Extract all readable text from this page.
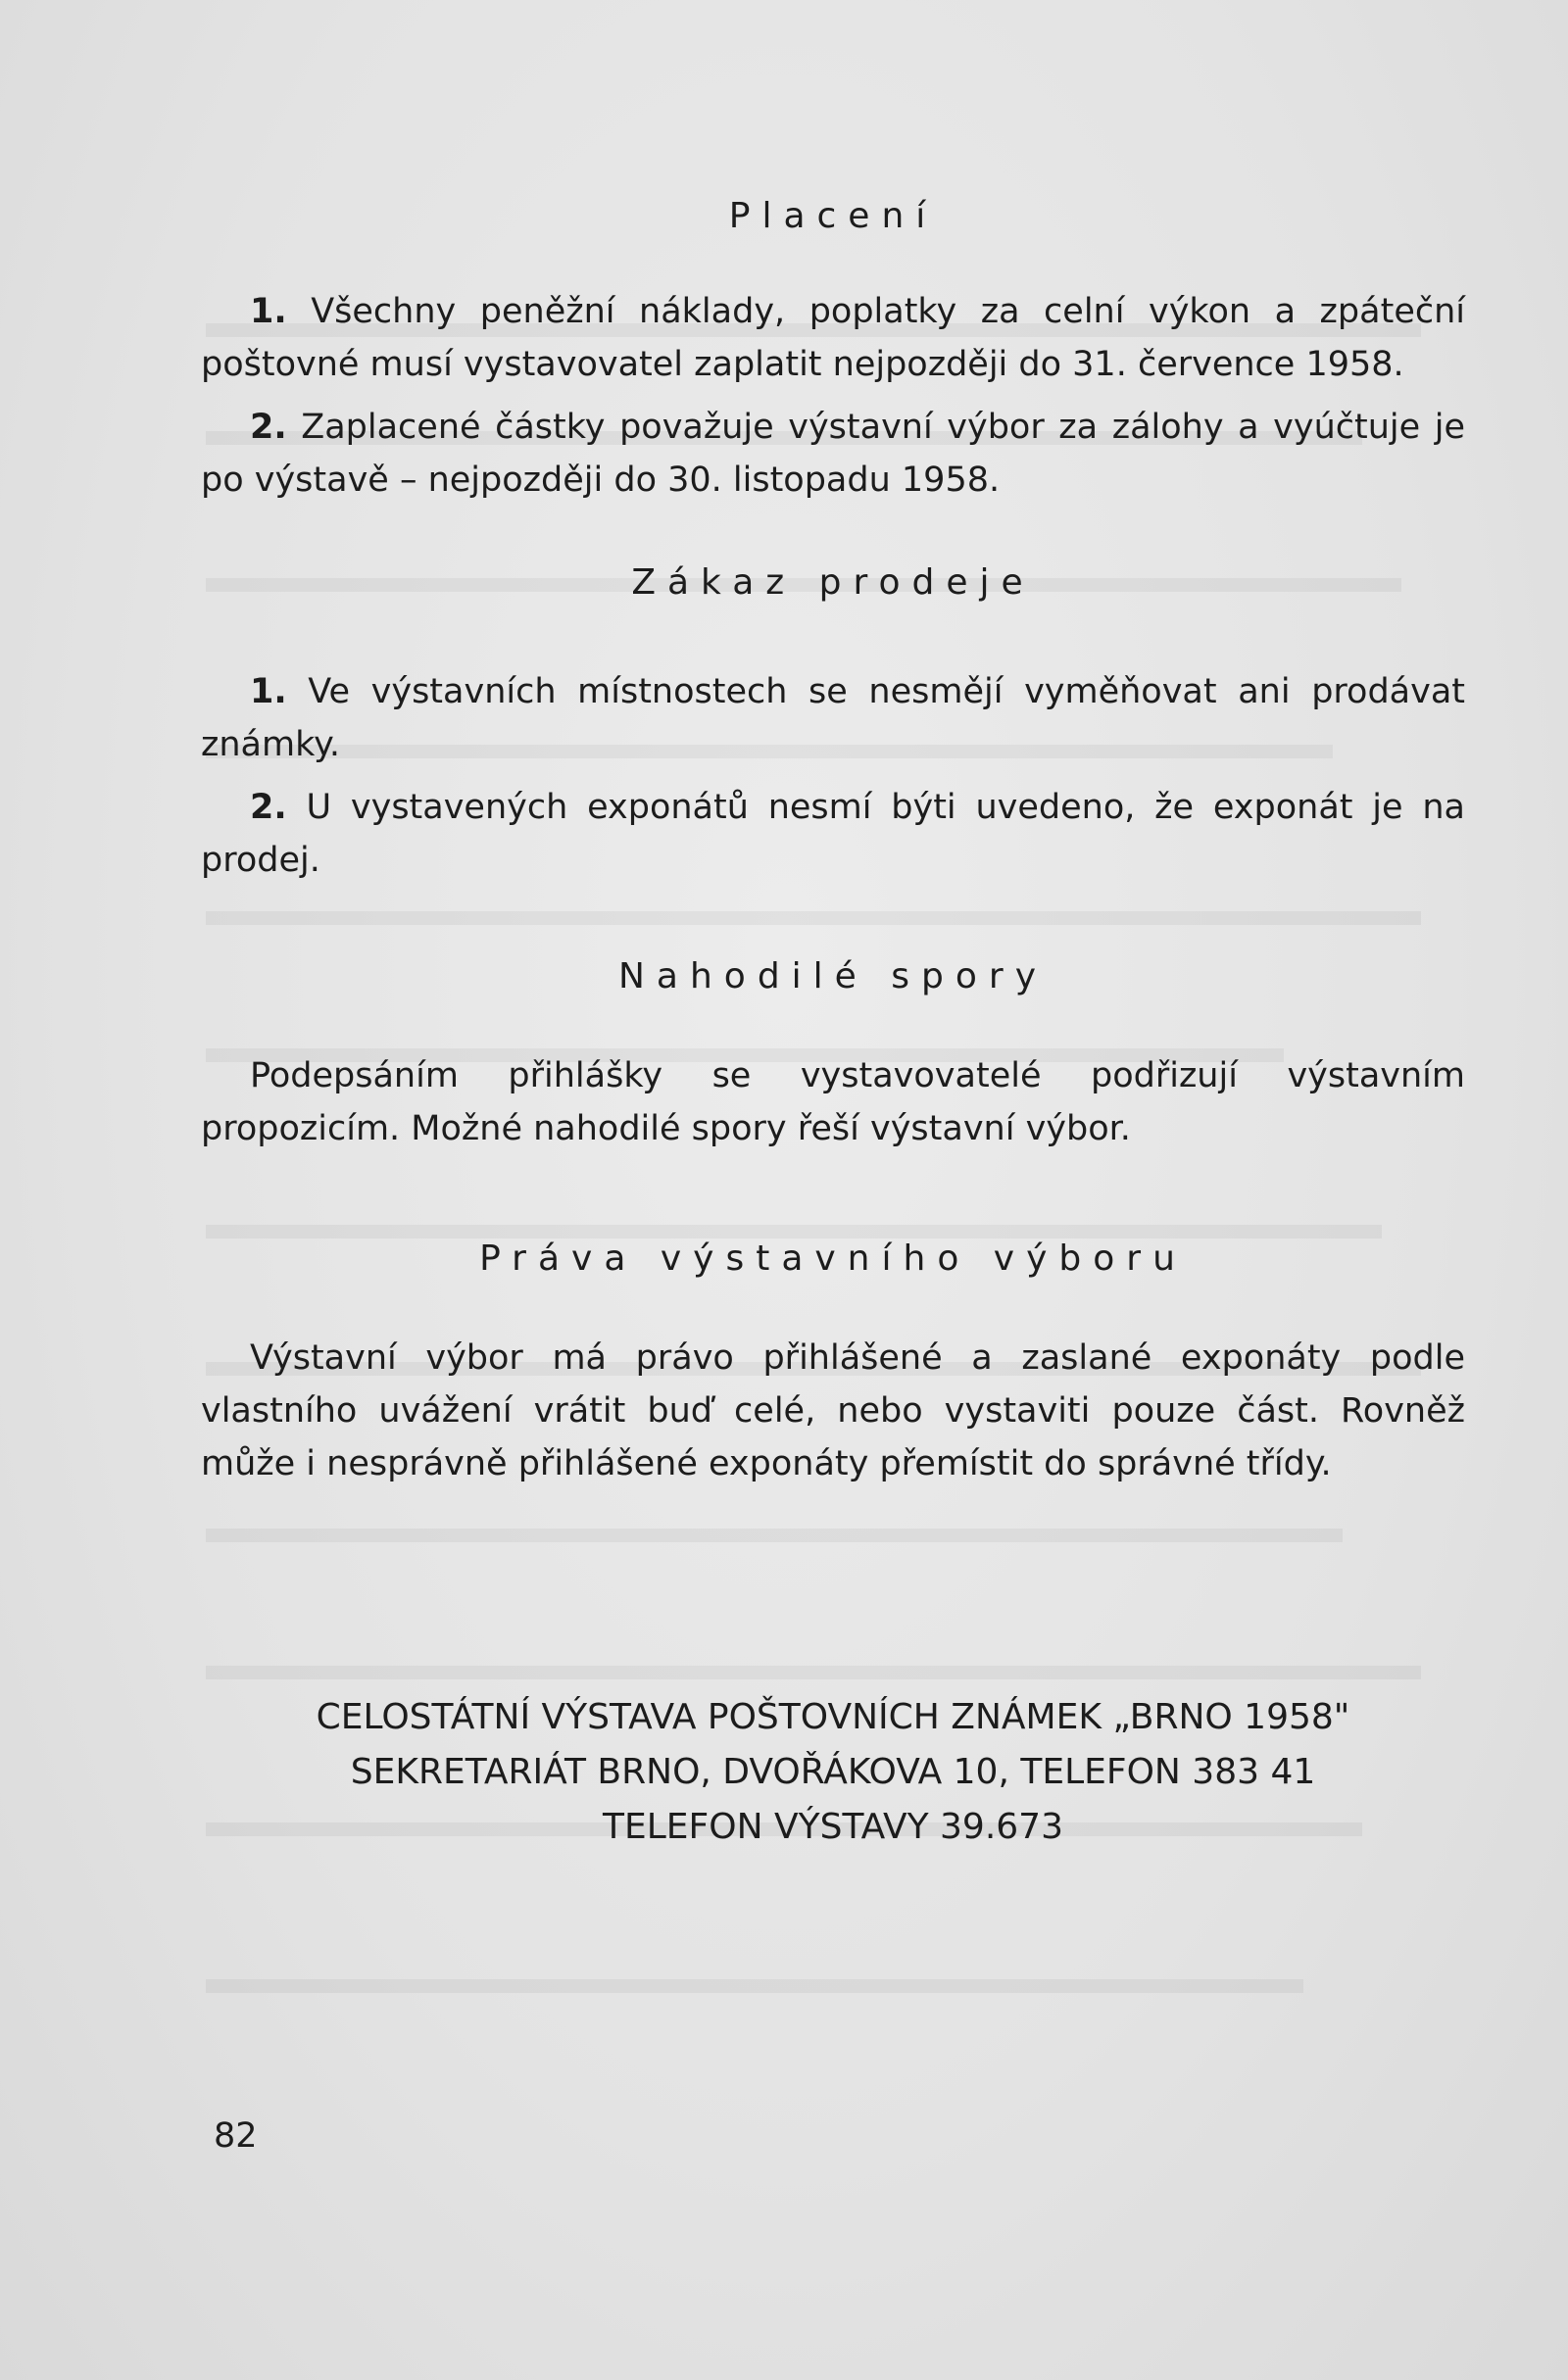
Placení

1. Všechny peněžní náklady, poplatky za celní výkon a zpáteční poštovné musí vystavovatel zaplatit nejpozději do 31. července 1958.

2. Zaplacené částky považuje výstavní výbor za zálohy a vyúčtuje je po výstavě – nejpozději do 30. listopadu 1958.

Zákaz prodeje

1. Ve výstavních místnostech se nesmějí vyměňovat ani prodávat známky.

2. U vystavených exponátů nesmí býti uvedeno, že exponát je na prodej.

Nahodilé spory

Podepsáním přihlášky se vystavovatelé podřizují výstavním propozicím. Možné nahodilé spory řeší výstavní výbor.

Práva výstavního výboru

Výstavní výbor má právo přihlášené a zaslané exponáty podle vlastního uvážení vrátit buď celé, nebo vystaviti pouze část. Rovněž může i nesprávně přihlášené exponáty přemístit do správné třídy.

CELOSTÁTNÍ VÝSTAVA POŠTOVNÍCH ZNÁMEK „BRNO 1958"

SEKRETARIÁT BRNO, DVOŘÁKOVA 10, TELEFON 383 41

TELEFON VÝSTAVY 39.673

82
